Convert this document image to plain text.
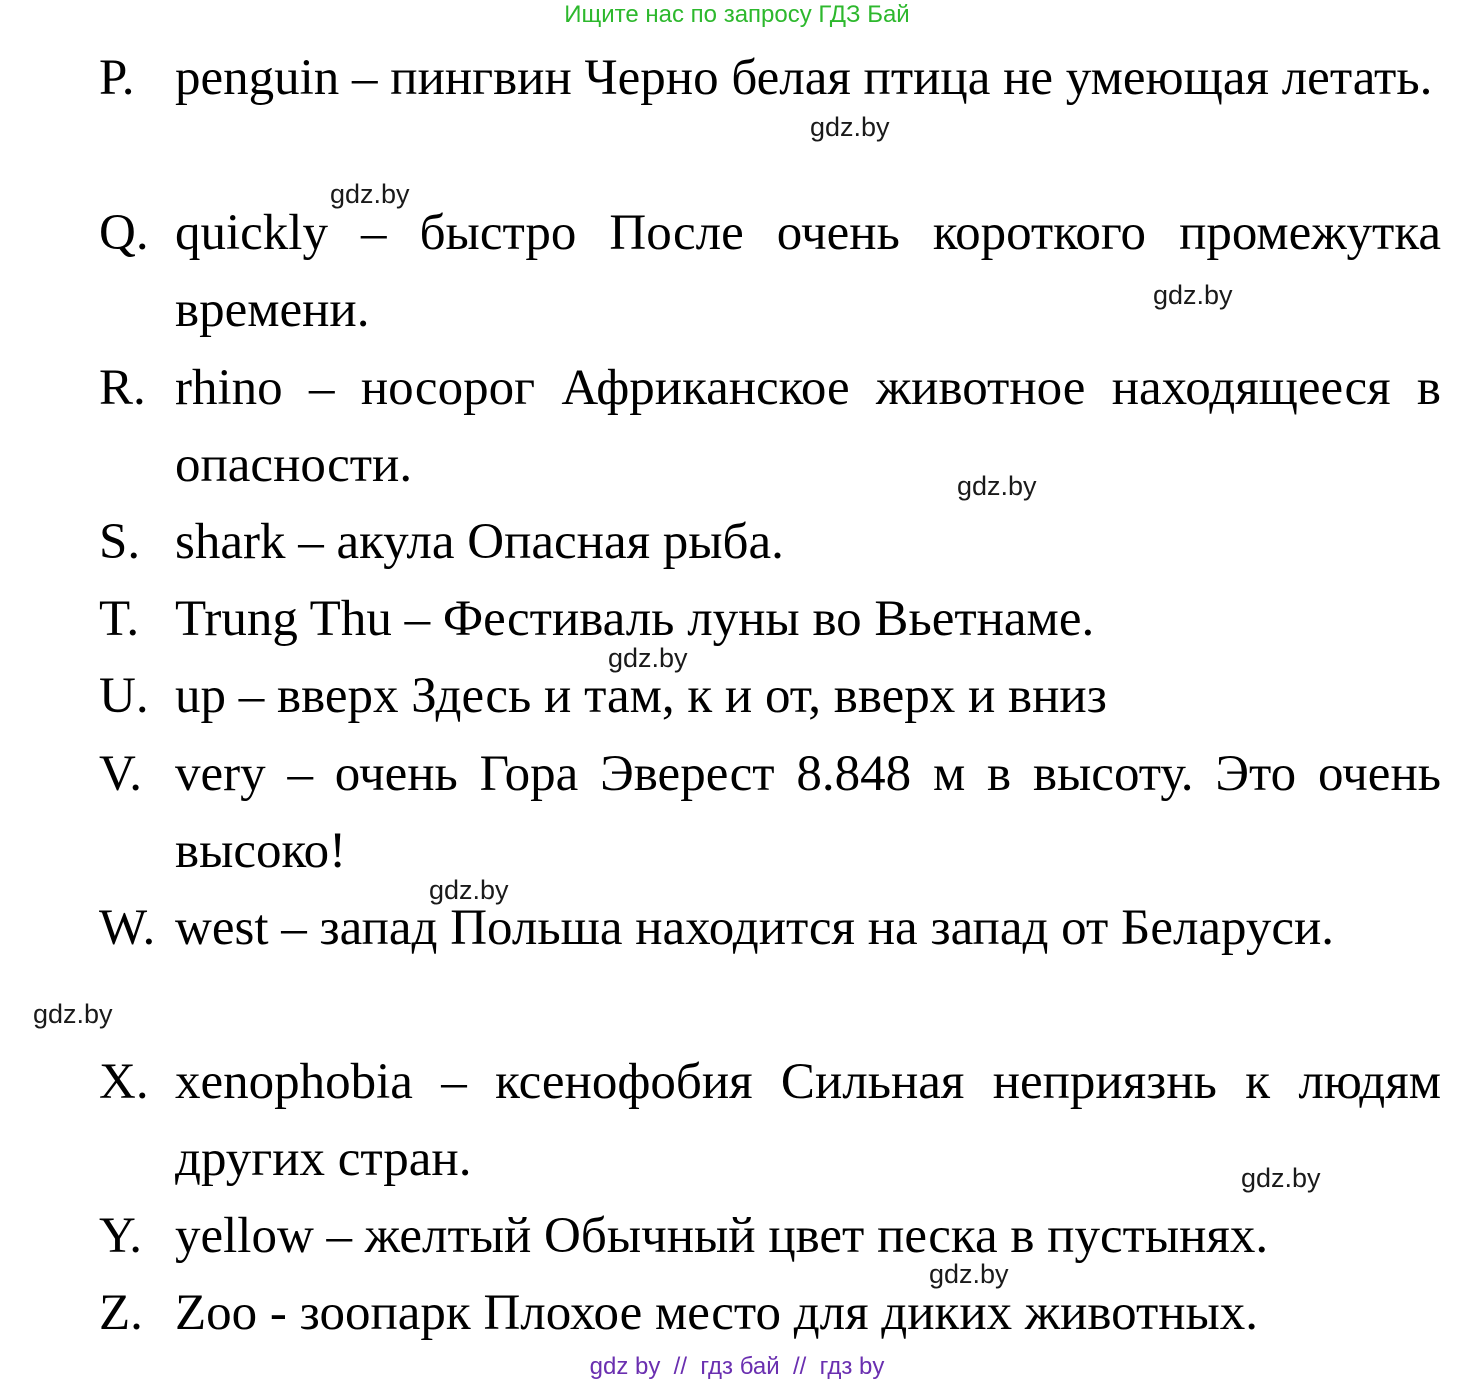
Ищите нас по запросу ГДЗ Бай
P. penguin – пингвин Черно белая птица не умеющая летать.
Q. quickly – быстро После очень короткого промежутка времени.
R. rhino – носорог Африканское животное находящееся в опасности.
S. shark – акула Опасная рыба.
T. Trung Thu – Фестиваль луны во Вьетнаме.
U. up – вверх Здесь и там, к и от, вверх и вниз
V. very – очень Гора Эверест 8.848 м в высоту. Это очень высоко!
W. west – запад Польша находится на запад от Беларуси.
X. xenophobia – ксенофобия Сильная неприязнь к людям других стран.
Y. yellow – желтый Обычный цвет песка в пустынях.
Z. Zoo - зоопарк Плохое место для диких животных.
gdz.by
gdz.by
gdz.by
gdz.by
gdz.by
gdz.by
gdz.by
gdz.by
gdz.by
gdz by  //  гдз бай  //  гдз by
